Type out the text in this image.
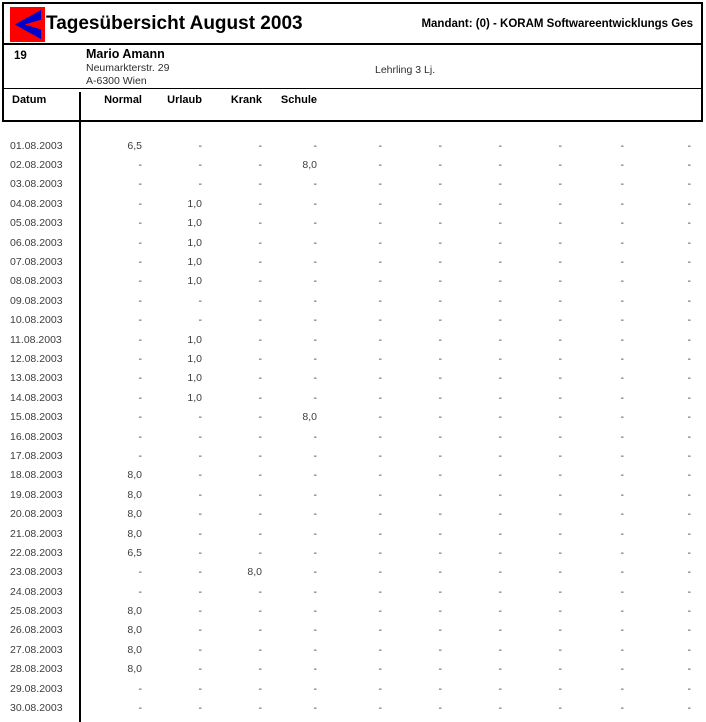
Tagesübersicht August 2003	Mandant: (0) - KORAM Softwareentwicklungs Ges
19	Mario Amann
Neumarkterstr. 29
A-6300 Wien
Lehrling 3 Lj.
Datum	Normal	Urlaub	Krank	Schule
01.08.2003	6,5	-	-	-	-	-	-	-	-	-
02.08.2003	-	-	-	8,0	-	-	-	-	-	-
03.08.2003	-	-	-	-	-	-	-	-	-	-
04.08.2003	-	1,0	-	-	-	-	-	-	-	-
05.08.2003	-	1,0	-	-	-	-	-	-	-	-
06.08.2003	-	1,0	-	-	-	-	-	-	-	-
07.08.2003	-	1,0	-	-	-	-	-	-	-	-
08.08.2003	-	1,0	-	-	-	-	-	-	-	-
09.08.2003	-	-	-	-	-	-	-	-	-	-
10.08.2003	-	-	-	-	-	-	-	-	-	-
11.08.2003	-	1,0	-	-	-	-	-	-	-	-
12.08.2003	-	1,0	-	-	-	-	-	-	-	-
13.08.2003	-	1,0	-	-	-	-	-	-	-	-
14.08.2003	-	1,0	-	-	-	-	-	-	-	-
15.08.2003	-	-	-	8,0	-	-	-	-	-	-
16.08.2003	-	-	-	-	-	-	-	-	-	-
17.08.2003	-	-	-	-	-	-	-	-	-	-
18.08.2003	8,0	-	-	-	-	-	-	-	-	-
19.08.2003	8,0	-	-	-	-	-	-	-	-	-
20.08.2003	8,0	-	-	-	-	-	-	-	-	-
21.08.2003	8,0	-	-	-	-	-	-	-	-	-
22.08.2003	6,5	-	-	-	-	-	-	-	-	-
23.08.2003	-	-	8,0	-	-	-	-	-	-	-
24.08.2003	-	-	-	-	-	-	-	-	-	-
25.08.2003	8,0	-	-	-	-	-	-	-	-	-
26.08.2003	8,0	-	-	-	-	-	-	-	-	-
27.08.2003	8,0	-	-	-	-	-	-	-	-	-
28.08.2003	8,0	-	-	-	-	-	-	-	-	-
29.08.2003	-	-	-	-	-	-	-	-	-	-
30.08.2003	-	-	-	-	-	-	-	-	-	-
